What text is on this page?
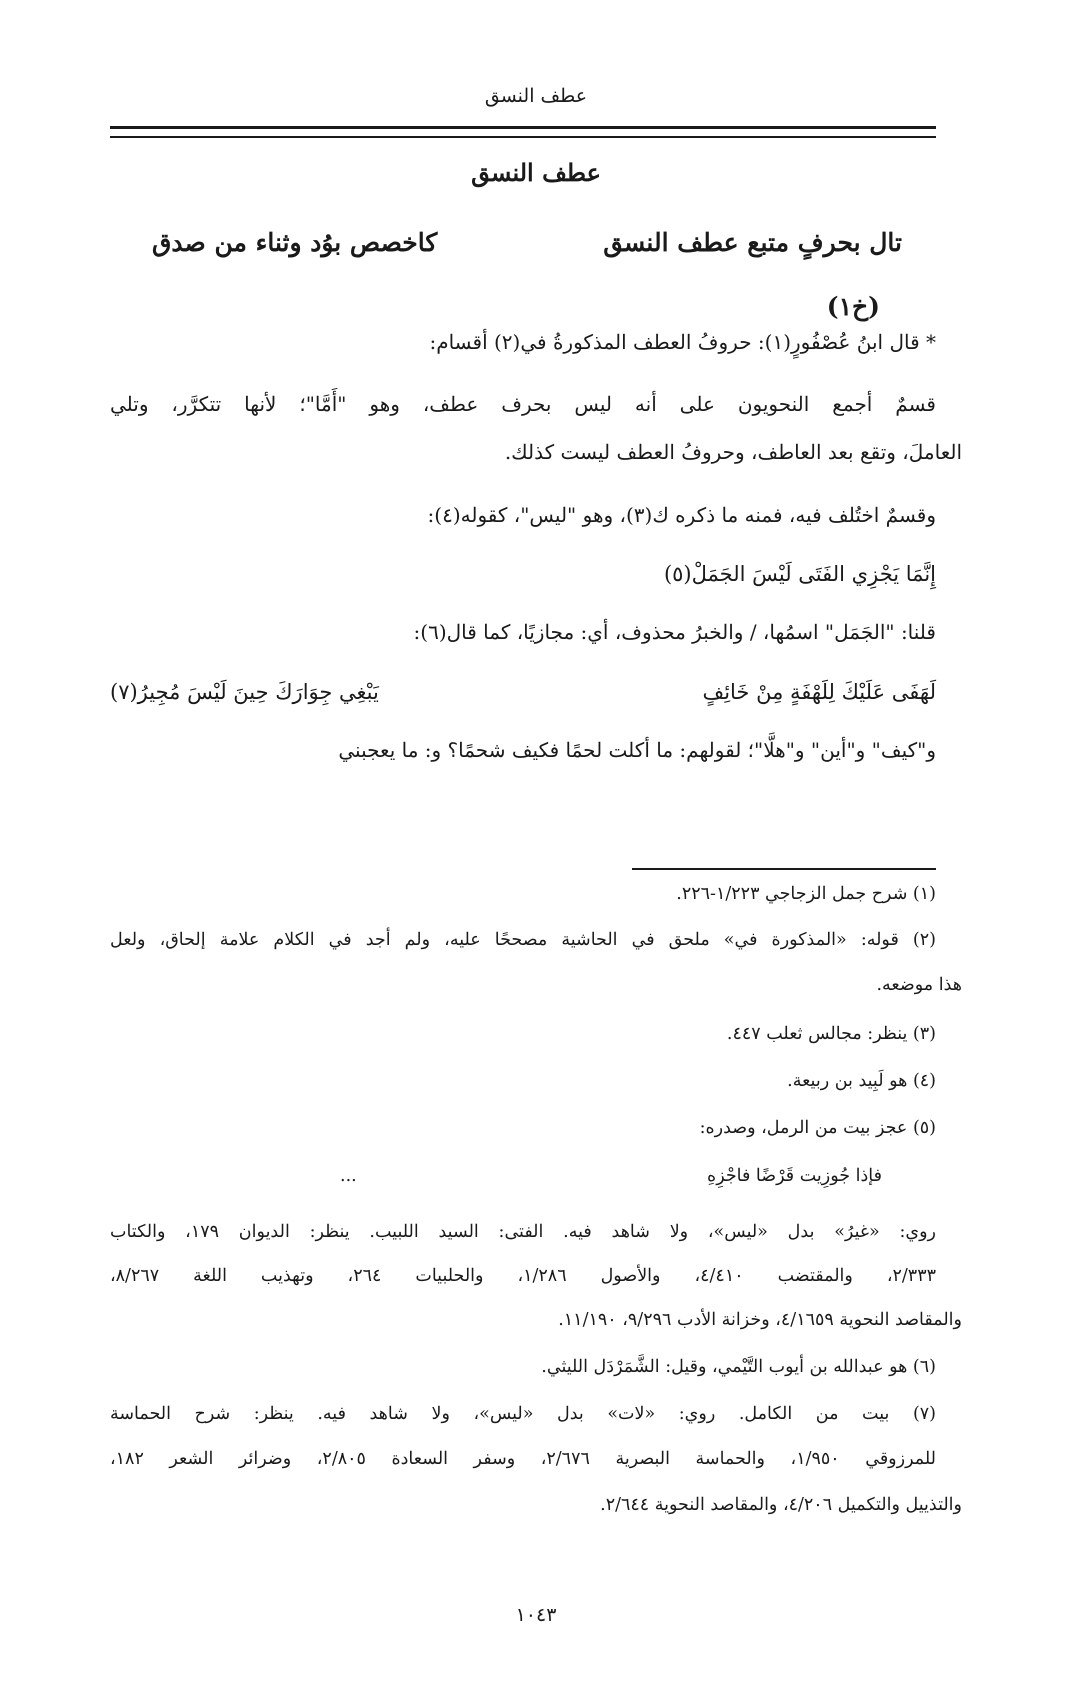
عطف النسق
عطف النسق
تال بحرفٍ متبع عطف النسق
كاخصص بوُد وثناء من صدق
(خ١)
* قال ابنُ عُصْفُورٍ(١): حروفُ العطف المذكورةُ في(٢) أقسام:
قسمٌ أجمع النحويون على أنه ليس بحرف عطف، وهو "أَمَّا"؛ لأنها تتكرَّر، وتلي
العاملَ، وتقع بعد العاطف، وحروفُ العطف ليست كذلك.
وقسمٌ اختُلف فيه، فمنه ما ذكره ك(٣)، وهو "ليس"، كقوله(٤):
إِنَّمَا يَجْزِي الفَتَى لَيْسَ الجَمَلْ(٥)
قلنا: "الجَمَل" اسمُها، / والخبرُ محذوف، أي: مجازيًا، كما قال(٦):
لَهَفَى عَلَيْكَ لِلَهْفَةٍ مِنْ خَائِفٍ
يَبْغِي جِوَارَكَ حِينَ لَيْسَ مُجِيرُ(٧)
و"كيف" و"أين" و"هلَّا"؛ لقولهم: ما أكلت لحمًا فكيف شحمًا؟ و: ما يعجبني
(١) شرح جمل الزجاجي ١/٢٢٣-٢٢٦.
(٢) قوله: «المذكورة في» ملحق في الحاشية مصححًا عليه، ولم أجد في الكلام علامة إلحاق، ولعل
هذا موضعه.
(٣) ينظر: مجالس ثعلب ٤٤٧.
(٤) هو لَبِيد بن ربيعة.
(٥) عجز بيت من الرمل، وصدره:
فإذا جُوزِيت قَرْضًا فاجْزِهِ
...
روي: «غيرُ» بدل «ليس»، ولا شاهد فيه. الفتى: السيد اللبيب. ينظر: الديوان ١٧٩، والكتاب
٢/٣٣٣، والمقتضب ٤/٤١٠، والأصول ١/٢٨٦، والحلبيات ٢٦٤، وتهذيب اللغة ٨/٢٦٧،
والمقاصد النحوية ٤/١٦٥٩، وخزانة الأدب ٩/٢٩٦، ١١/١٩٠.
(٦) هو عبدالله بن أيوب التَّيْمي، وقيل: الشَّمَرْدَل الليثي.
(٧) بيت من الكامل. روي: «لات» بدل «ليس»، ولا شاهد فيه. ينظر: شرح الحماسة
للمرزوقي ١/٩٥٠، والحماسة البصرية ٢/٦٧٦، وسفر السعادة ٢/٨٠٥، وضرائر الشعر ١٨٢،
والتذييل والتكميل ٤/٢٠٦، والمقاصد النحوية ٢/٦٤٤.
١٠٤٣
